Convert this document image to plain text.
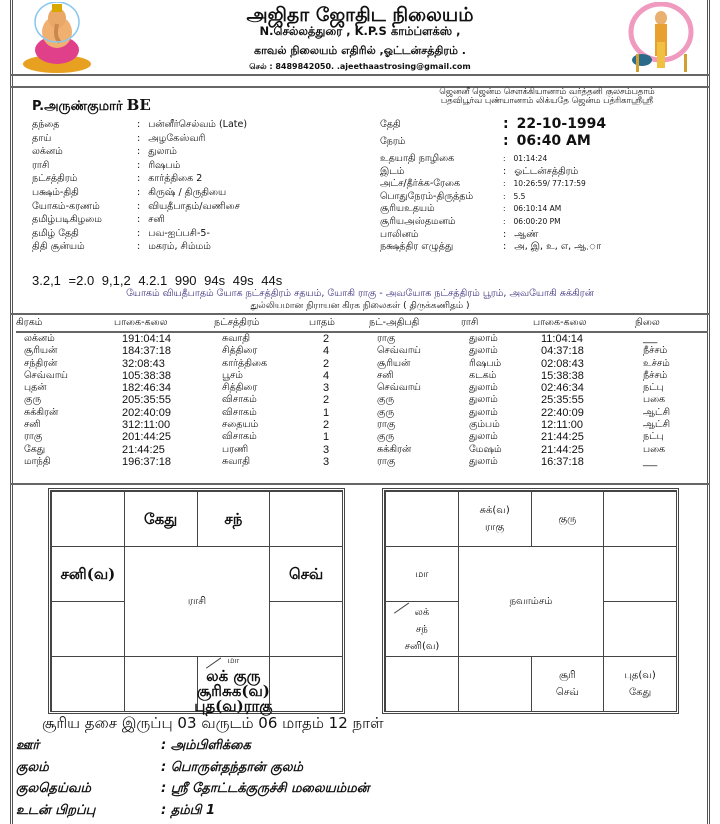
அஜிதா ஜோதிட நிலையம்
N.செல்லத்துரை , K.P.S காம்ப்ளக்ஸ் ,
காவல் நிலையம் எதிரில் ,ஓட்டன்சத்திரம் .
செல் : 8489842050. .ajeethaastrosing@gmail.com
P.அருண்குமார் BE
ஜெனனீ ஜென்ம சௌக்கியானாம் வர்த்தனி குலசம்பதாம்
பதவிபூர்வ புண்யானாம் லிக்யதே ஜென்ம பத்ரிகாஸ்ரீஸ்ரீ
தந்தை	: பன்னீர்செல்வம் (Late)
தாய்	: அழகேஸ்வரி
லக்னம்	: துலாம்
ராசி	: ரிஷபம்
நட்சத்திரம்	: கார்த்திகை 2
பக்ஷம்-திதி	: கிருஷ் / திருதியை
யோகம்-கரணம்	: வியதீபாதம்/வணிசை
தமிழ்படிகிழமை	: சனி
தமிழ் தேதி	: பவ-ஐப்பசி-5-
திதி சூன்யம்	: மகரம், சிம்மம்
தேதி	: 22-10-1994
நேரம்	: 06:40 AM
உதயாதி நாழிகை	: 01:14:24
இடம்	: ஓட்டன்சத்திரம்
அட்ச/தீர்க்க-ரேகை	: 10:26:59/ 77:17:59
பொதுநேரம்-திருத்தம்	: 5.5
சூரியஉதயம்	: 06:10:14 AM
சூரியஅஸ்தமனம்	: 06:00:20 PM
பாலினம்	: ஆண்
நக்ஷத்திர எழுத்து	: அ, இ, உ, எ, ஆ,ா
3.2,1 =2.0 9,1,2 4.2.1 990 94s 49s 44s
யோகம் வியதீபாதம் யோக நட்சத்திரம் சதயம், யோகி ராகு - அவயோக நட்சத்திரம் பூரம், அவயோகி சுக்கிரன்
துல்லியமான நிராயன கிரக நிலைகள் ( திருக்கணிதம் )
கிரகம்	பாகை-கலை	நட்சத்திரம்	பாதம்	நட்-அதிபதி	ராசி	பாகை-கலை	நிலை
லக்னம்	191:04:14	சுவாதி	2	ராகு	துலாம்	11:04:14	___
சூரியன்	184:37:18	சித்திரை	4	செவ்வாய்	துலாம்	04:37:18	நீச்சம்
சந்திரன்	32:08:43	கார்த்திகை	2	சூரியன்	ரிஷபம்	02:08:43	உச்சம்
செவ்வாய்	105:38:38	பூசம்	4	சனி	கடகம்	15:38:38	நீச்சம்
புதன்	182:46:34	சித்திரை	3	செவ்வாய்	துலாம்	02:46:34	நட்பு
குரு	205:35:55	விசாகம்	2	குரு	துலாம்	25:35:55	பகை
சுக்கிரன்	202:40:09	விசாகம்	1	குரு	துலாம்	22:40:09	ஆட்சி
சனி	312:11:00	சதையம்	2	ராகு	கும்பம்	12:11:00	ஆட்சி
ராகு	201:44:25	விசாகம்	1	குரு	துலாம்	21:44:25	நட்பு
கேது	21:44:25	பரணி	3	சுக்கிரன்	மேஷம்	21:44:25	பகை
மாந்தி	196:37:18	சுவாதி	3	ராகு	துலாம்	16:37:18	___
கேது	சந்
சனி(வ)	செவ்
மா
லக் குரு
சூரிசுக(வ)
புத(வ)ராகு
ராசி
சுக்(வ)
ராகு
குரு
மா
லக்
சந்
சனி(வ)
சூரி
செவ்
புத(வ)
கேது
நவாம்சம்
சூரிய தசை இருப்பு 03 வருடம் 06 மாதம் 12 நாள்
ஊர்	: அம்பிளிக்கை
குலம்	: பொருள்தந்தான் குலம்
குலதெய்வம்	: ஸ்ரீ தோட்டக்குருச்சி மலையம்மன்
உடன் பிறப்பு	: தம்பி 1
